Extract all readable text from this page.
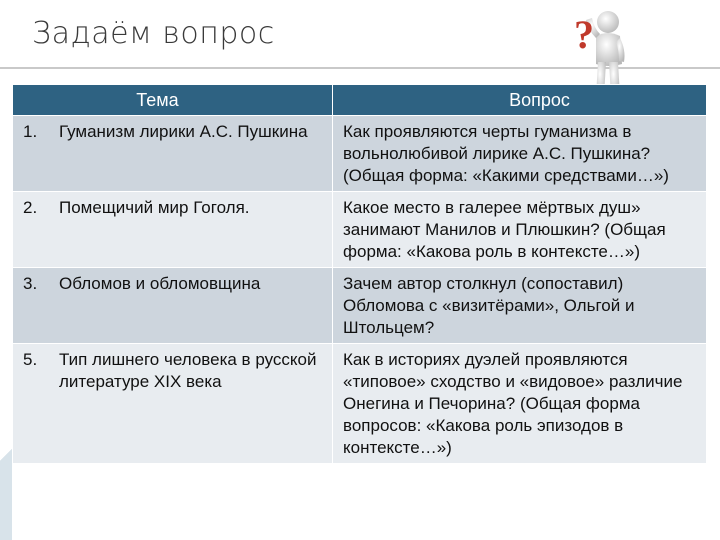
Задаём вопрос	?
Тема	Вопрос

1. Гуманизм лирики А.С. Пушкина	Как проявляются черты гуманизма в вольнолюбивой лирике А.С. Пушкина? (Общая форма: «Какими средствами…»)

2. Помещичий мир Гоголя.	Какое место в галерее мёртвых душ» занимают Манилов и Плюшкин? (Общая форма: «Какова роль в контексте…»)

3. Обломов и обломовщина	Зачем автор столкнул (сопоставил) Обломова с «визитёрами», Ольгой и Штольцем?

5. Тип лишнего человека в русской литературе XIX века	Как в историях дуэлей проявляются «типовое» сходство и «видовое» различие Онегина и Печорина? (Общая форма вопросов: «Какова роль эпизодов в контексте…»)
